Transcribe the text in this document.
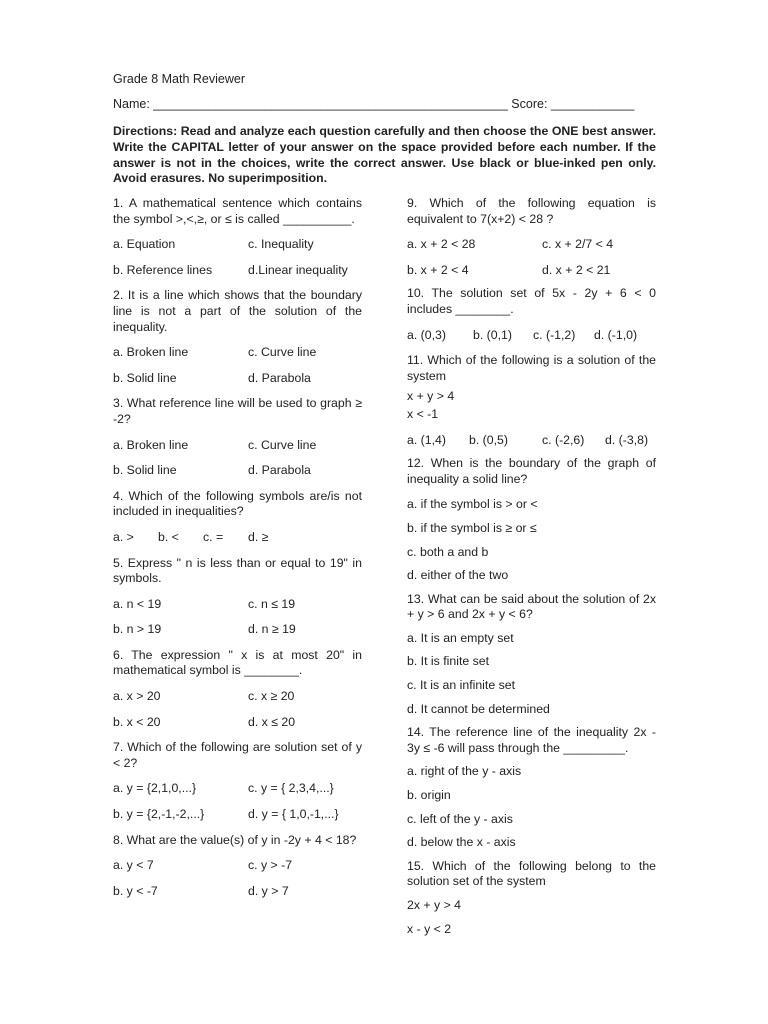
Grade 8 Math Reviewer
Name: ___________________________________________________ Score: ____________
Directions: Read and analyze each question carefully and then choose the ONE best answer. Write the CAPITAL letter of your answer on the space provided before each number. If the answer is not in the choices, write the correct answer. Use black or blue-inked pen only. Avoid erasures. No superimposition.
1. A mathematical sentence which contains the symbol >,<,≥, or ≤ is called __________.
a. Equation	c. Inequality
b. Reference lines	d.Linear inequality
2. It is a line which shows that the boundary line is not a part of the solution of the inequality.
a. Broken line	c. Curve line
b. Solid line	d. Parabola
3. What reference line will be used to graph ≥ -2?
a. Broken line	c. Curve line
b. Solid line	d. Parabola
4. Which of the following symbols are/is not included in inequalities?
a. > b. < c. = d. ≥
5. Express " n is less than or equal to 19" in symbols.
a. n < 19	c. n ≤ 19
b. n > 19	d. n ≥ 19
6. The expression " x is at most 20" in mathematical symbol is ________.
a. x > 20	c. x ≥ 20
b. x < 20	d. x ≤ 20
7. Which of the following are solution set of y < 2?
a. y = {2,1,0,...}	c. y = { 2,3,4,...}
b. y = {2,-1,-2,...}	d. y = { 1,0,-1,...}
8. What are the value(s) of y in -2y + 4 < 18?
a. y < 7	c. y > -7
b. y < -7	d. y > 7
9. Which of the following equation is equivalent to 7(x+2) < 28 ?
a. x + 2 < 28	c. x + 2/7 < 4
b. x + 2 < 4	d. x + 2 < 21
10. The solution set of 5x - 2y + 6 < 0 includes ________.
a. (0,3) b. (0,1) c. (-1,2) d. (-1,0)
11. Which of the following is a solution of the system
x + y > 4
x < -1
a. (1,4) b. (0,5)	c. (-2,6) d. (-3,8)
12. When is the boundary of the graph of inequality a solid line?
a. if the symbol is > or <
b. if the symbol is ≥ or ≤
c. both a and b
d. either of the two
13. What can be said about the solution of 2x + y > 6 and 2x + y < 6?
a. It is an empty set
b. It is finite set
c. It is an infinite set
d. It cannot be determined
14. The reference line of the inequality 2x - 3y ≤ -6 will pass through the _________.
a. right of the y - axis
b. origin
c. left of the y - axis
d. below the x - axis
15. Which of the following belong to the solution set of the system
2x + y > 4
x - y < 2
